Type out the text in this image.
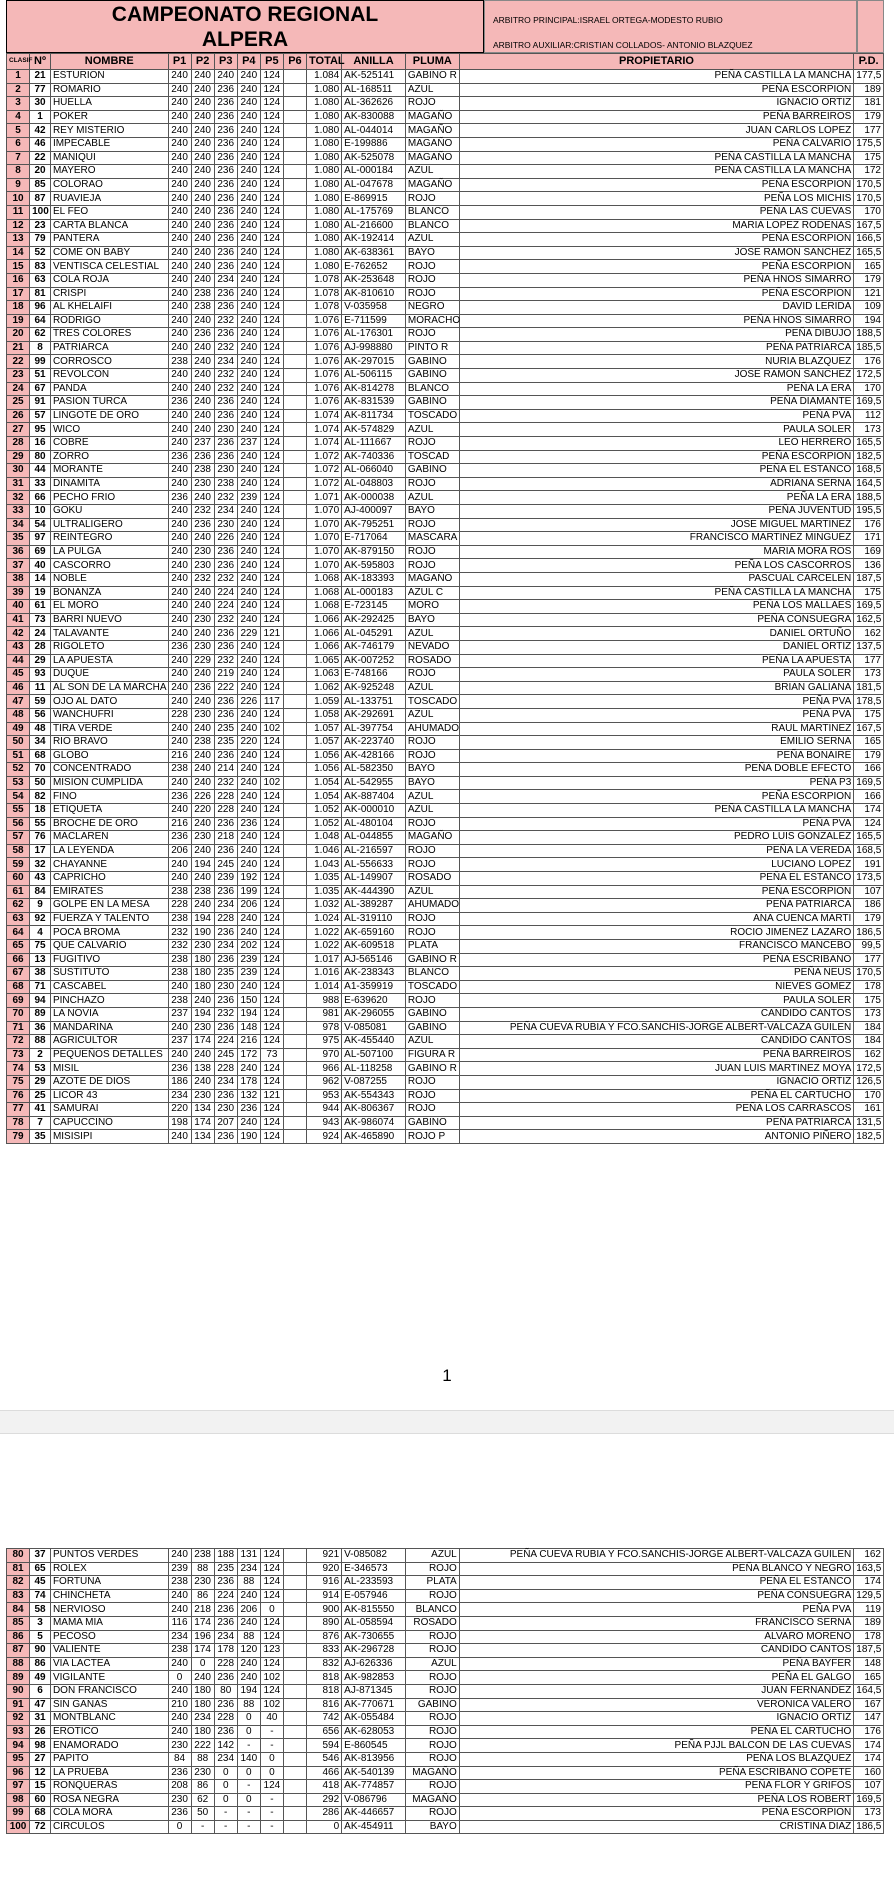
CAMPEONATO REGIONAL
ALPERA
ARBITRO PRINCIPAL:ISRAEL ORTEGA-MODESTO RUBIO
ARBITRO AUXILIAR:CRISTIAN COLLADOS- ANTONIO BLAZQUEZ
CLASIF	Nº	NOMBRE	P1	P2	P3	P4	P5	P6	TOTAL	ANILLA	PLUMA	PROPIETARIO	P.D.
1	21	ESTURION	240	240	240	240	124		1.084	AK-525141	GABINO R	PEÑA CASTILLA LA MANCHA	177,5
2	77	ROMARIO	240	240	236	240	124		1.080	AL-168511	AZUL	PEÑA ESCORPION	189
3	30	HUELLA	240	240	236	240	124		1.080	AL-362626	ROJO	IGNACIO ORTIZ	181
4	1	POKER	240	240	236	240	124		1.080	AK-830088	MAGAÑO	PEÑA BARREIROS	179
5	42	REY MISTERIO	240	240	236	240	124		1.080	AL-044014	MAGAÑO	JUAN CARLOS LOPEZ	177
6	46	IMPECABLE	240	240	236	240	124		1.080	E-199886	MAGAÑO	PEÑA CALVARIO	175,5
7	22	MANIQUI	240	240	236	240	124		1.080	AK-525078	MAGAÑO	PEÑA CASTILLA LA MANCHA	175
8	20	MAYERO	240	240	236	240	124		1.080	AL-000184	AZUL	PEÑA CASTILLA LA MANCHA	172
9	85	COLORAO	240	240	236	240	124		1.080	AL-047678	MAGAÑO	PEÑA ESCORPION	170,5
10	87	RUAVIEJA	240	240	236	240	124		1.080	E-869915	ROJO	PEÑA LOS MICHIS	170,5
11	100	EL FEO	240	240	236	240	124		1.080	AL-175769	BLANCO	PEÑA LAS CUEVAS	170
12	23	CARTA BLANCA	240	240	236	240	124		1.080	AL-216600	BLANCO	MARIA LOPEZ RODENAS	167,5
13	79	PANTERA	240	240	236	240	124		1.080	AK-192414	AZUL	PEÑA ESCORPION	166,5
14	52	COME ON BABY	240	240	236	240	124		1.080	AK-638361	BAYO	JOSE RAMON SANCHEZ	165,5
15	83	VENTISCA CELESTIAL	240	240	236	240	124		1.080	E-762652	ROJO	PEÑA ESCORPION	165
16	63	COLA ROJA	240	240	234	240	124		1.078	AK-253648	ROJO	PEÑA HNOS SIMARRO	179
17	81	CRISPI	240	238	236	240	124		1.078	AK-810610	ROJO	PEÑA ESCORPION	121
18	96	AL KHELAIFI	240	238	236	240	124		1.078	V-035958	NEGRO	DAVID LERIDA	109
19	64	RODRIGO	240	240	232	240	124		1.076	E-711599	MORACHO	PEÑA HNOS SIMARRO	194
20	62	TRES COLORES	240	236	236	240	124		1.076	AL-176301	ROJO	PEÑA DIBUJO	188,5
21	8	PATRIARCA	240	240	232	240	124		1.076	AJ-998880	PINTO R	PEÑA PATRIARCA	185,5
22	99	CORROSCO	238	240	234	240	124		1.076	AK-297015	GABINO	NURIA BLAZQUEZ	176
23	51	REVOLCON	240	240	232	240	124		1.076	AL-506115	GABINO	JOSE RAMON SANCHEZ	172,5
24	67	PANDA	240	240	232	240	124		1.076	AK-814278	BLANCO	PEÑA LA ERA	170
25	91	PASION TURCA	236	240	236	240	124		1.076	AK-831539	GABINO	PEÑA DIAMANTE	169,5
26	57	LINGOTE DE ORO	240	240	236	240	124		1.074	AK-811734	TOSCADO	PEÑA PVA	112
27	95	WICO	240	240	230	240	124		1.074	AK-574829	AZUL	PAULA SOLER	173
28	16	COBRE	240	237	236	237	124		1.074	AL-111667	ROJO	LEO HERRERO	165,5
29	80	ZORRO	236	236	236	240	124		1.072	AK-740336	TOSCAD	PEÑA ESCORPION	182,5
30	44	MORANTE	240	238	230	240	124		1.072	AL-066040	GABINO	PEÑA EL ESTANCO	168,5
31	33	DINAMITA	240	230	238	240	124		1.072	AL-048803	ROJO	ADRIANA SERNA	164,5
32	66	PECHO FRIO	236	240	232	239	124		1.071	AK-000038	AZUL	PEÑA LA ERA	188,5
33	10	GOKU	240	232	234	240	124		1.070	AJ-400097	BAYO	PEÑA JUVENTUD	195,5
34	54	ULTRALIGERO	240	236	230	240	124		1.070	AK-795251	ROJO	JOSE MIGUEL MARTINEZ	176
35	97	REINTEGRO	240	240	226	240	124		1.070	E-717064	MASCARA	FRANCISCO MARTINEZ MINGUEZ	171
36	69	LA PULGA	240	230	236	240	124		1.070	AK-879150	ROJO	MARIA MORA ROS	169
37	40	CASCORRO	240	230	236	240	124		1.070	AK-595803	ROJO	PEÑA LOS CASCORROS	136
38	14	NOBLE	240	232	232	240	124		1.068	AK-183393	MAGAÑO	PASCUAL CARCELEN	187,5
39	19	BONANZA	240	240	224	240	124		1.068	AL-000183	AZUL C	PEÑA CASTILLA LA MANCHA	175
40	61	EL MORO	240	240	224	240	124		1.068	E-723145	MORO	PEÑA LOS MALLAES	169,5
41	73	BARRI NUEVO	240	230	232	240	124		1.066	AK-292425	BAYO	PEÑA CONSUEGRA	162,5
42	24	TALAVANTE	240	240	236	229	121		1.066	AL-045291	AZUL	DANIEL ORTUÑO	162
43	28	RIGOLETO	236	230	236	240	124		1.066	AK-746179	NEVADO	DANIEL ORTIZ	137,5
44	29	LA APUESTA	240	229	232	240	124		1.065	AK-007252	ROSADO	PEÑA LA APUESTA	177
45	93	DUQUE	240	240	219	240	124		1.063	E-748166	ROJO	PAULA SOLER	173
46	11	AL SON DE LA MARCHA	240	236	222	240	124		1.062	AK-925248	AZUL	BRIAN GALIANA	181,5
47	59	OJO AL DATO	240	240	236	226	117		1.059	AL-133751	TOSCADO	PEÑA PVA	178,5
48	56	WANCHUFRI	228	230	236	240	124		1.058	AK-292691	AZUL	PEÑA PVA	175
49	48	TIRA VERDE	240	240	235	240	102		1.057	AL-397754	AHUMADO	RAUL MARTINEZ	167,5
50	34	RIO BRAVO	240	238	235	220	124		1.057	AK-223740	ROJO	EMILIO SERNA	165
51	68	GLOBO	216	240	236	240	124		1.056	AK-428166	ROJO	PEÑA BONAIRE	179
52	70	CONCENTRADO	238	240	214	240	124		1.056	AL-582350	BAYO	PEÑA DOBLE EFECTO	166
53	50	MISION CUMPLIDA	240	240	232	240	102		1.054	AL-542955	BAYO	PEÑA P3	169,5
54	82	FINO	236	226	228	240	124		1.054	AK-887404	AZUL	PEÑA ESCORPION	166
55	18	ETIQUETA	240	220	228	240	124		1.052	AK-000010	AZUL	PEÑA CASTILLA LA MANCHA	174
56	55	BROCHE DE ORO	216	240	236	236	124		1.052	AL-480104	ROJO	PEÑA PVA	124
57	76	MACLAREN	236	230	218	240	124		1.048	AL-044855	MAGAÑO	PEDRO LUIS GONZALEZ	165,5
58	17	LA LEYENDA	206	240	236	240	124		1.046	AL-216597	ROJO	PEÑA LA VEREDA	168,5
59	32	CHAYANNE	240	194	245	240	124		1.043	AL-556633	ROJO	LUCIANO LOPEZ	191
60	43	CAPRICHO	240	240	239	192	124		1.035	AL-149907	ROSADO	PEÑA EL ESTANCO	173,5
61	84	EMIRATES	238	238	236	199	124		1.035	AK-444390	AZUL	PEÑA ESCORPION	107
62	9	GOLPE EN LA MESA	228	240	234	206	124		1.032	AL-389287	AHUMADO	PEÑA PATRIARCA	186
63	92	FUERZA Y TALENTO	238	194	228	240	124		1.024	AL-319110	ROJO	ANA CUENCA MARTI	179
64	4	POCA BROMA	232	190	236	240	124		1.022	AK-659160	ROJO	ROCIO JIMENEZ LAZARO	186,5
65	75	QUE CALVARIO	232	230	234	202	124		1.022	AK-609518	PLATA	FRANCISCO MANCEBO	99,5
66	13	FUGITIVO	238	180	236	239	124		1.017	AJ-565146	GABINO R	PEÑA ESCRIBANO	177
67	38	SUSTITUTO	238	180	235	239	124		1.016	AK-238343	BLANCO	PEÑA NEUS	170,5
68	71	CASCABEL	240	180	230	240	124		1.014	A1-359919	TOSCADO	NIEVES GOMEZ	178
69	94	PINCHAZO	238	240	236	150	124		988	E-639620	ROJO	PAULA SOLER	175
70	89	LA NOVIA	237	194	232	194	124		981	AK-296055	GABINO	CANDIDO CANTOS	173
71	36	MANDARINA	240	230	236	148	124		978	V-085081	GABINO	PEÑA CUEVA RUBIA Y FCO.SANCHIS-JORGE ALBERT-VALCAZA GUILEN	184
72	88	AGRICULTOR	237	174	224	216	124		975	AK-455440	AZUL	CANDIDO CANTOS	184
73	2	PEQUEÑOS DETALLES	240	240	245	172	73		970	AL-507100	FIGURA R	PEÑA BARREIROS	162
74	53	MISIL	236	138	228	240	124		966	AL-118258	GABINO R	JUAN LUIS MARTINEZ MOYA	172,5
75	29	AZOTE DE DIOS	186	240	234	178	124		962	V-087255	ROJO	IGNACIO ORTIZ	126,5
76	25	LICOR 43	234	230	236	132	121		953	AK-554343	ROJO	PEÑA EL CARTUCHO	170
77	41	SAMURAI	220	134	230	236	124		944	AK-806367	ROJO	PEÑA LOS CARRASCOS	161
78	7	CAPUCCINO	198	174	207	240	124		943	AK-986074	GABINO	PEÑA PATRIARCA	131,5
79	35	MISISIPI	240	134	236	190	124		924	AK-465890	ROJO P	ANTONIO PIÑERO	182,5
1
80	37	PUNTOS VERDES	240	238	188	131	124		921	V-085082	AZUL	PEÑA CUEVA RUBIA Y FCO.SANCHIS-JORGE ALBERT-VALCAZA GUILEN	162
81	65	ROLEX	239	88	235	234	124		920	E-346573	ROJO	PEÑA BLANCO Y NEGRO	163,5
82	45	FORTUNA	238	230	236	88	124		916	AL-233593	PLATA	PEÑA EL ESTANCO	174
83	74	CHINCHETA	240	86	224	240	124		914	E-057946	ROJO	PEÑA CONSUEGRA	129,5
84	58	NERVIOSO	240	218	236	206	0		900	AK-815550	BLANCO	PEÑA PVA	119
85	3	MAMA MIA	116	174	236	240	124		890	AL-058594	ROSADO	FRANCISCO SERNA	189
86	5	PECOSO	234	196	234	88	124		876	AK-730655	ROJO	ALVARO MORENO	178
87	90	VALIENTE	238	174	178	120	123		833	AK-296728	ROJO	CANDIDO CANTOS	187,5
88	86	VIA LACTEA	240	0	228	240	124		832	AJ-626336	AZUL	PEÑA BAYFER	148
89	49	VIGILANTE	0	240	236	240	102		818	AK-982853	ROJO	PEÑA EL GALGO	165
90	6	DON FRANCISCO	240	180	80	194	124		818	AJ-871345	ROJO	JUAN FERNANDEZ	164,5
91	47	SIN GANAS	210	180	236	88	102		816	AK-770671	GABINO	VERONICA VALERO	167
92	31	MONTBLANC	240	234	228	0	40		742	AK-055484	ROJO	IGNACIO ORTIZ	147
93	26	EROTICO	240	180	236	0	-		656	AK-628053	ROJO	PEÑA EL CARTUCHO	176
94	98	ENAMORADO	230	222	142	-	-		594	E-860545	ROJO	PEÑA PJJL BALCON DE LAS CUEVAS	174
95	27	PAPITO	84	88	234	140	0		546	AK-813956	ROJO	PEÑA LOS BLAZQUEZ	174
96	12	LA PRUEBA	236	230	0	0	0		466	AK-540139	MAGAÑO	PEÑA ESCRIBANO COPETE	160
97	15	RONQUERAS	208	86	0	-	124		418	AK-774857	ROJO	PEÑA FLOR Y GRIFOS	107
98	60	ROSA NEGRA	230	62	0	0	-		292	V-086796	MAGAÑO	PEÑA LOS ROBERT	169,5
99	68	COLA MORA	236	50	-	-	-		286	AK-446657	ROJO	PEÑA ESCORPION	173
100	72	CIRCULOS	0	-	-	-	-		0	AK-454911	BAYO	CRISTINA DIAZ	186,5
